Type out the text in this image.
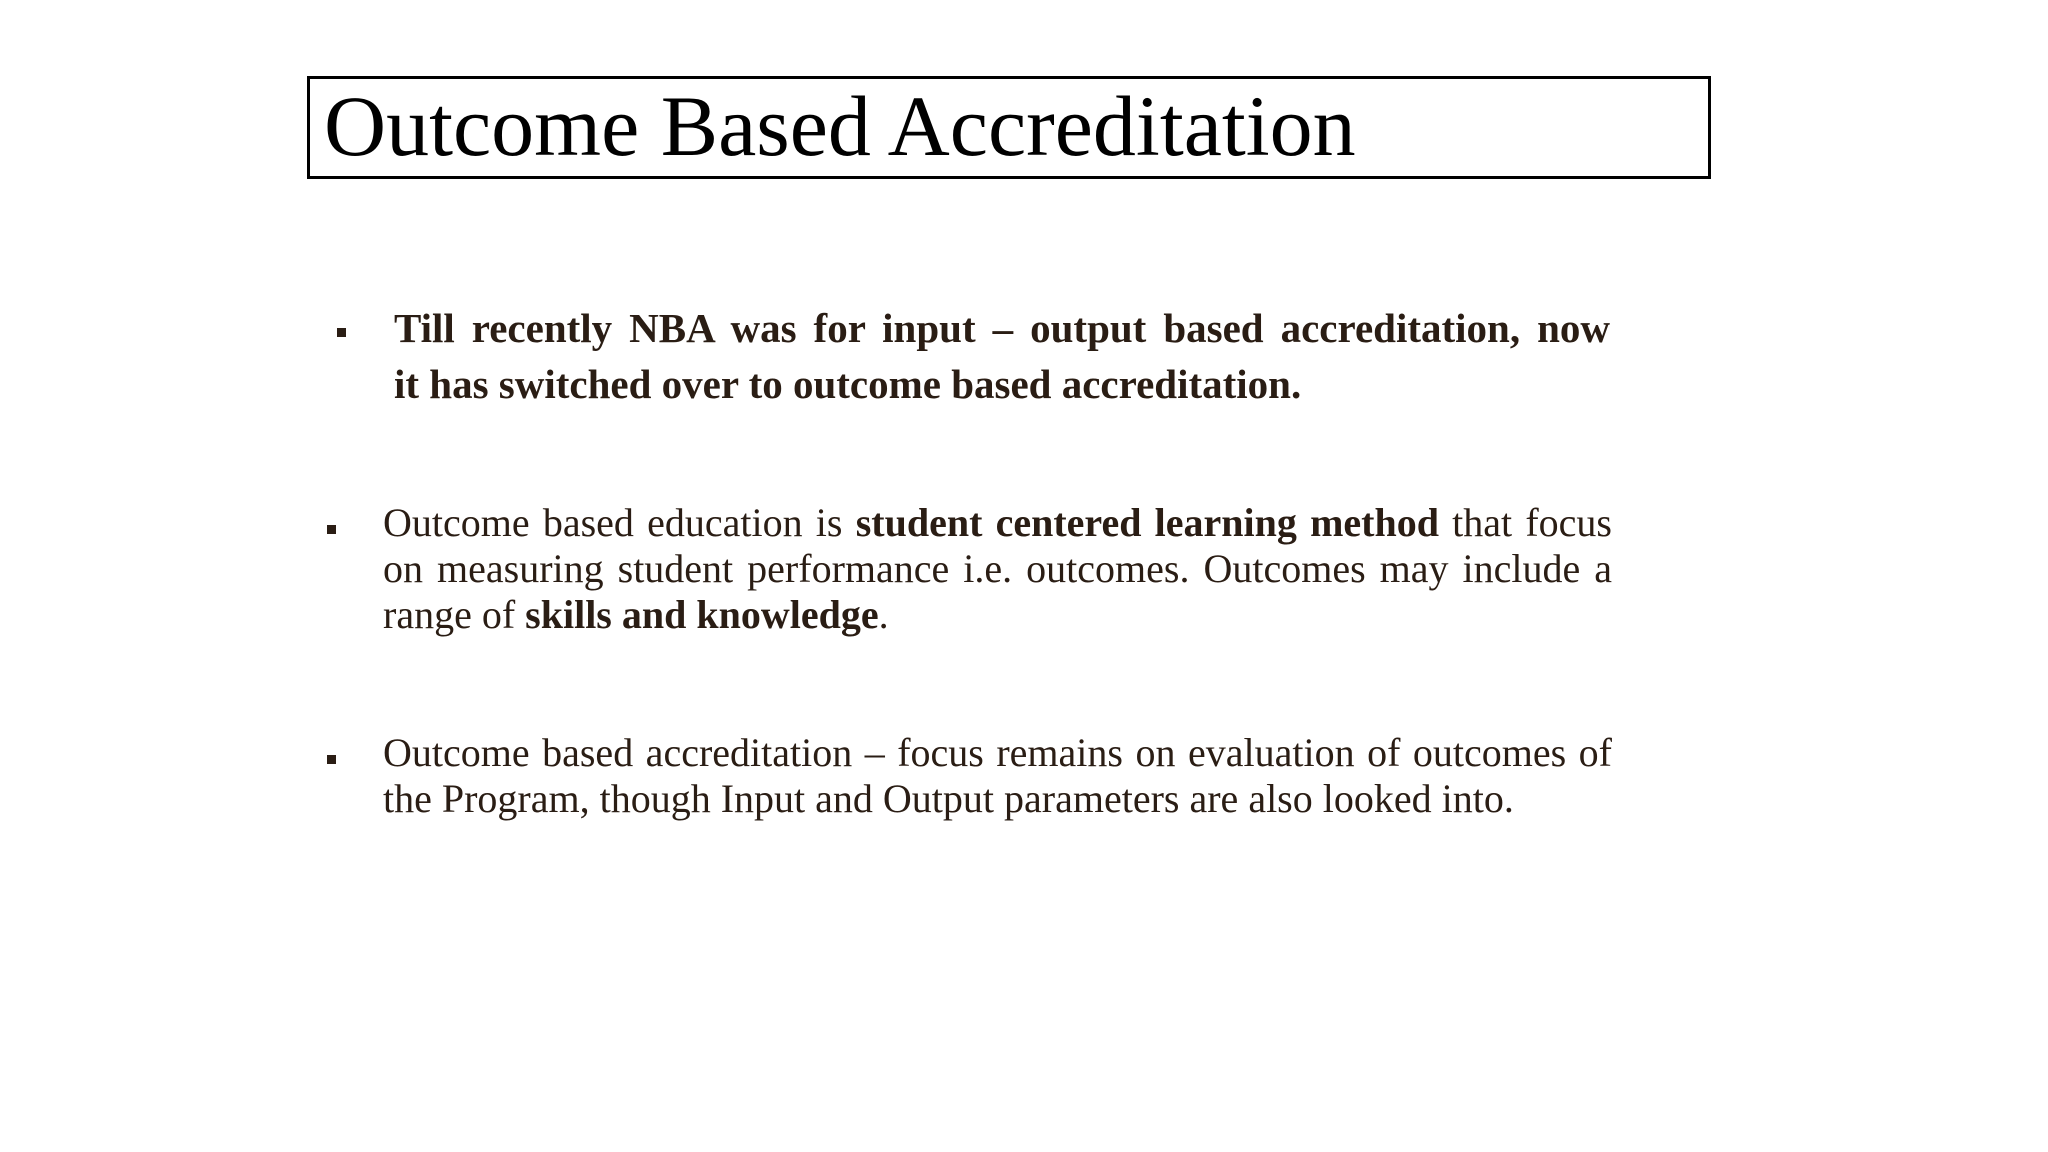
Outcome Based Accreditation

Till recently NBA was for input – output based accreditation, now
it has switched over to outcome based accreditation.

Outcome based education is student centered learning method that focus on measuring student performance i.e. outcomes. Outcomes may include a range of skills and knowledge.

Outcome based accreditation – focus remains on evaluation of outcomes of the Program, though Input and Output parameters are also looked into.
